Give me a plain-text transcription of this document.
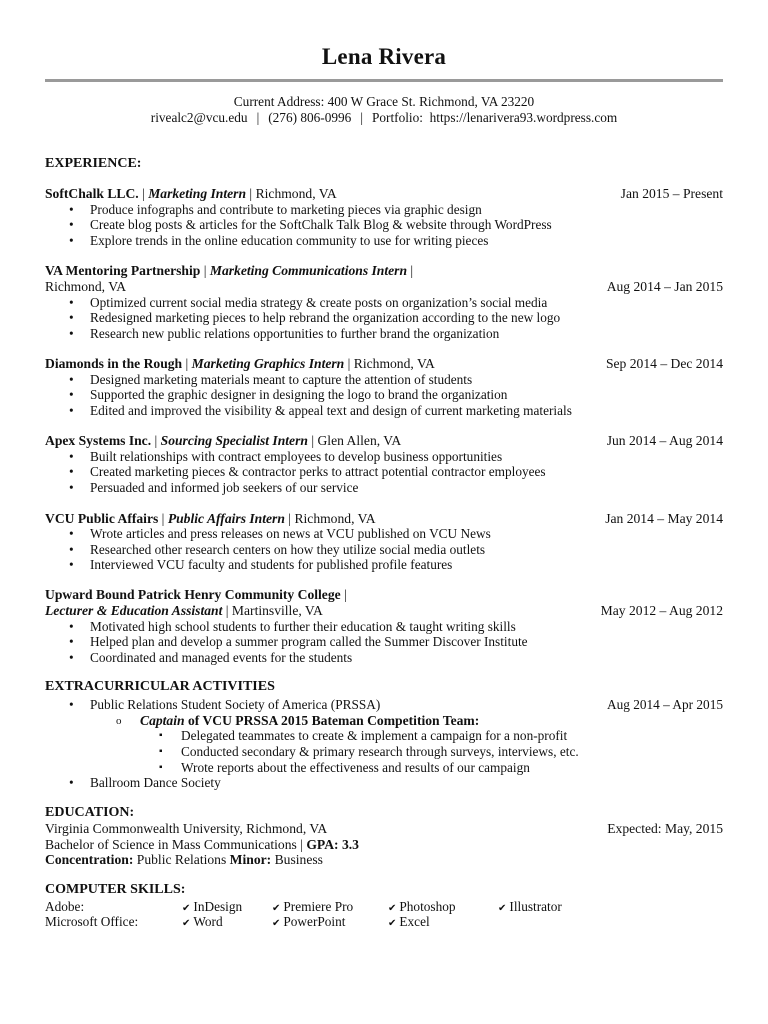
Lena Rivera
Current Address: 400 W Grace St. Richmond, VA 23220
rivealc2@vcu.edu | (276) 806-0996 | Portfolio: https://lenarivera93.wordpress.com
EXPERIENCE:
SoftChalk LLC. | Marketing Intern | Richmond, VA	Jan 2015 – Present
• Produce infographs and contribute to marketing pieces via graphic design
• Create blog posts & articles for the SoftChalk Talk Blog & website through WordPress
• Explore trends in the online education community to use for writing pieces
VA Mentoring Partnership | Marketing Communications Intern |
Richmond, VA	Aug 2014 – Jan 2015
• Optimized current social media strategy & create posts on organization’s social media
• Redesigned marketing pieces to help rebrand the organization according to the new logo
• Research new public relations opportunities to further brand the organization
Diamonds in the Rough | Marketing Graphics Intern | Richmond, VA	Sep 2014 – Dec 2014
• Designed marketing materials meant to capture the attention of students
• Supported the graphic designer in designing the logo to brand the organization
• Edited and improved the visibility & appeal text and design of current marketing materials
Apex Systems Inc. | Sourcing Specialist Intern | Glen Allen, VA	Jun 2014 – Aug 2014
• Built relationships with contract employees to develop business opportunities
• Created marketing pieces & contractor perks to attract potential contractor employees
• Persuaded and informed job seekers of our service
VCU Public Affairs | Public Affairs Intern | Richmond, VA	Jan 2014 – May 2014
• Wrote articles and press releases on news at VCU published on VCU News
• Researched other research centers on how they utilize social media outlets
• Interviewed VCU faculty and students for published profile features
Upward Bound Patrick Henry Community College |
Lecturer & Education Assistant | Martinsville, VA	May 2012 – Aug 2012
• Motivated high school students to further their education & taught writing skills
• Helped plan and develop a summer program called the Summer Discover Institute
• Coordinated and managed events for the students
EXTRACURRICULAR ACTIVITIES
• Public Relations Student Society of America (PRSSA)	Aug 2014 – Apr 2015
o Captain of VCU PRSSA 2015 Bateman Competition Team:
▪ Delegated teammates to create & implement a campaign for a non-profit
▪ Conducted secondary & primary research through surveys, interviews, etc.
▪ Wrote reports about the effectiveness and results of our campaign
• Ballroom Dance Society
EDUCATION:
Virginia Commonwealth University, Richmond, VA	Expected: May, 2015
Bachelor of Science in Mass Communications | GPA: 3.3
Concentration: Public Relations Minor: Business
COMPUTER SKILLS:
Adobe:	✔ InDesign	✔ Premiere Pro	✔ Photoshop	✔ Illustrator
Microsoft Office:	✔ Word	✔ PowerPoint	✔ Excel
